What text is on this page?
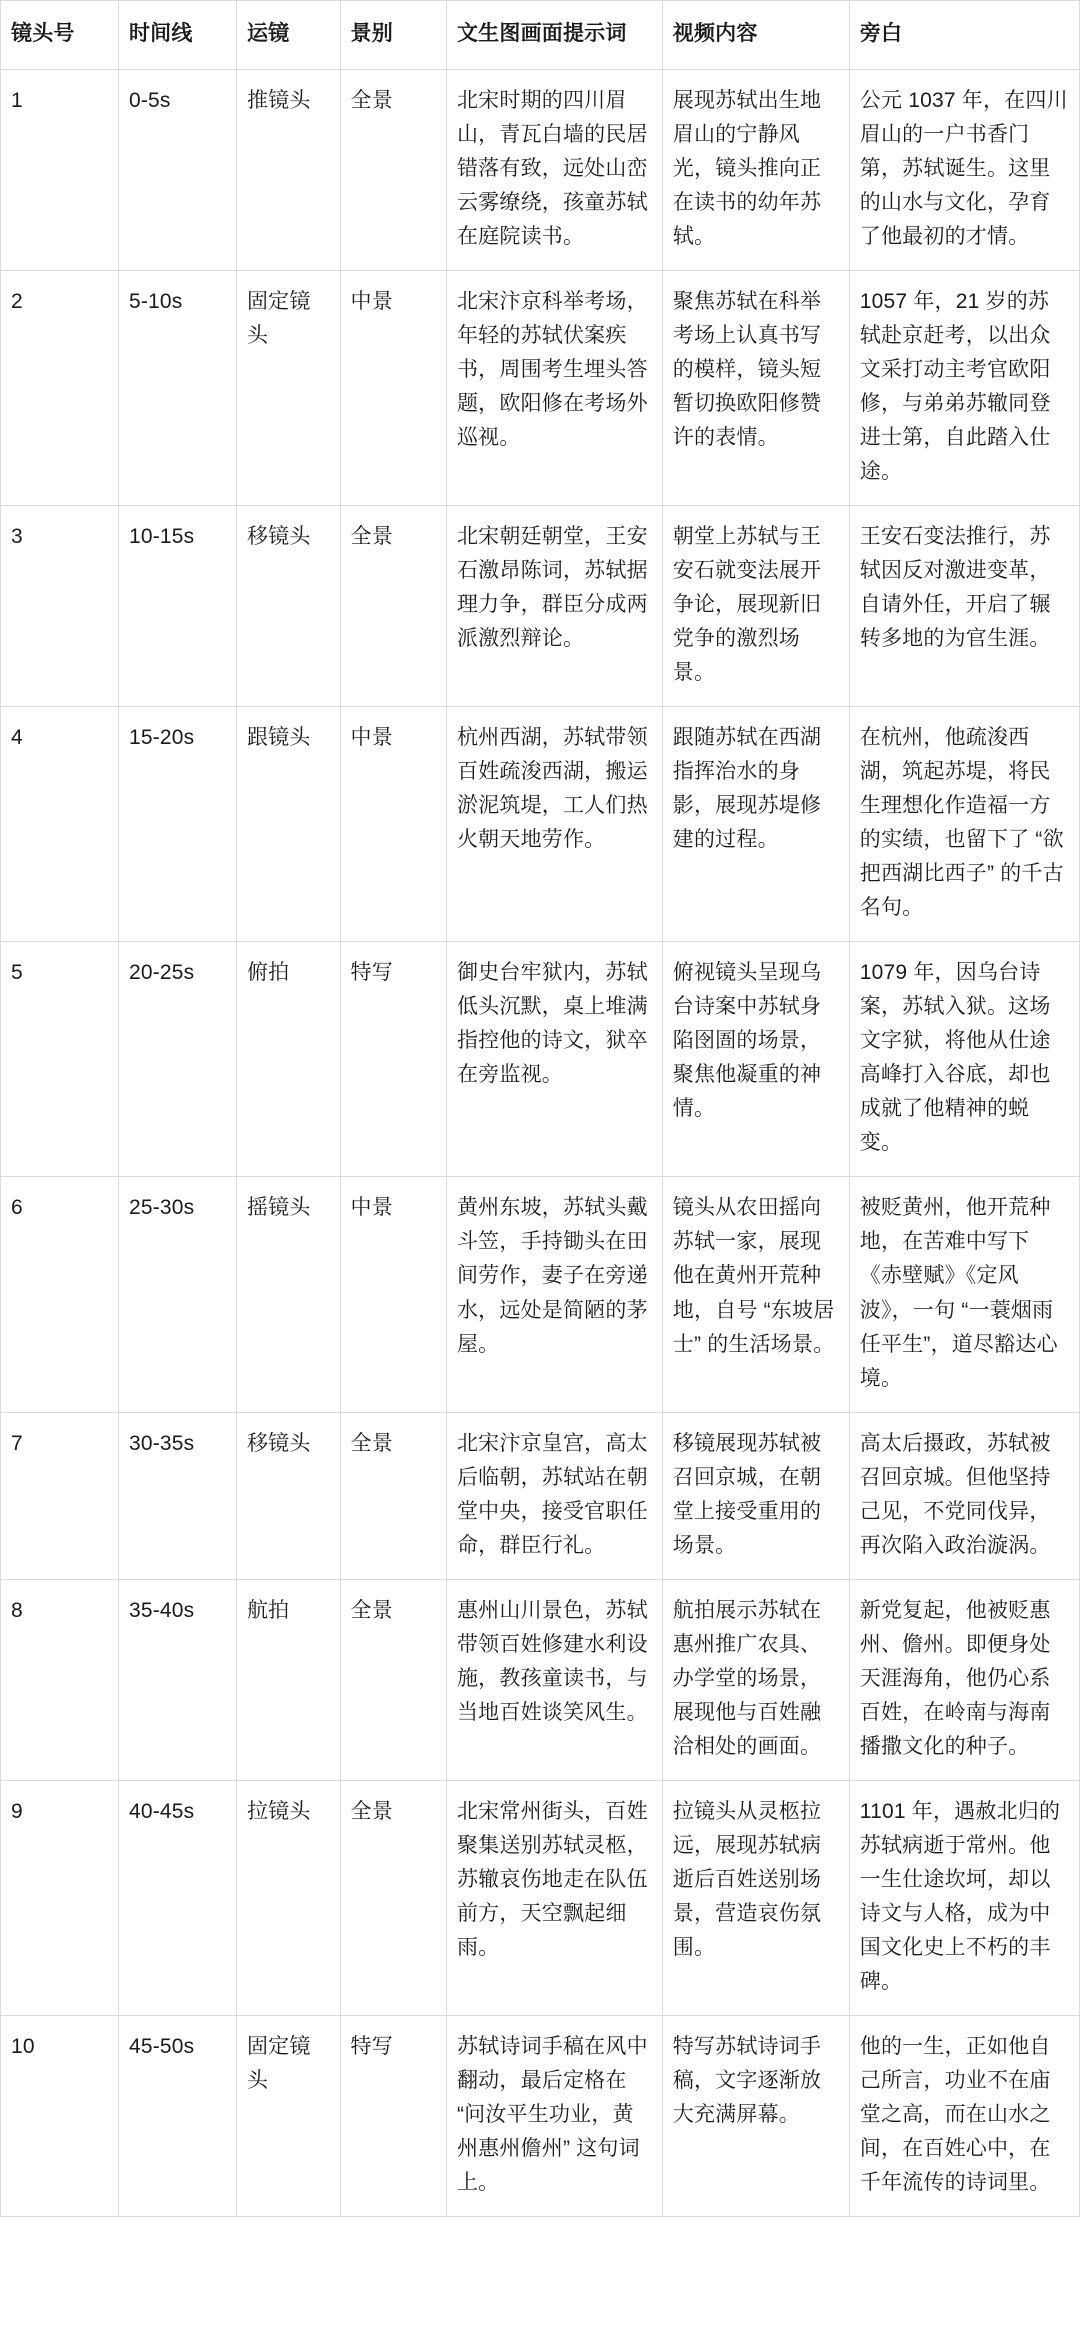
镜头号	时间线	运镜	景别	文生图画面提示词	视频内容	旁白
1	0-5s	推镜头	全景	北宋时期的四川眉山，青瓦白墙的民居错落有致，远处山峦云雾缭绕，孩童苏轼在庭院读书。	展现苏轼出生地眉山的宁静风光，镜头推向正在读书的幼年苏轼。	公元 1037 年，在四川眉山的一户书香门第，苏轼诞生。这里的山水与文化，孕育了他最初的才情。
2	5-10s	固定镜头	中景	北宋汴京科举考场，年轻的苏轼伏案疾书，周围考生埋头答题，欧阳修在考场外巡视。	聚焦苏轼在科举考场上认真书写的模样，镜头短暂切换欧阳修赞许的表情。	1057 年，21 岁的苏轼赴京赶考，以出众文采打动主考官欧阳修，与弟弟苏辙同登进士第，自此踏入仕途。
3	10-15s	移镜头	全景	北宋朝廷朝堂，王安石激昂陈词，苏轼据理力争，群臣分成两派激烈辩论。	朝堂上苏轼与王安石就变法展开争论，展现新旧党争的激烈场景。	王安石变法推行，苏轼因反对激进变革，自请外任，开启了辗转多地的为官生涯。
4	15-20s	跟镜头	中景	杭州西湖，苏轼带领百姓疏浚西湖，搬运淤泥筑堤，工人们热火朝天地劳作。	跟随苏轼在西湖指挥治水的身影，展现苏堤修建的过程。	在杭州，他疏浚西湖，筑起苏堤，将民生理想化作造福一方的实绩，也留下了 “欲把西湖比西子” 的千古名句。
5	20-25s	俯拍	特写	御史台牢狱内，苏轼低头沉默，桌上堆满指控他的诗文，狱卒在旁监视。	俯视镜头呈现乌台诗案中苏轼身陷囹圄的场景，聚焦他凝重的神情。	1079 年，因乌台诗案，苏轼入狱。这场文字狱，将他从仕途高峰打入谷底，却也成就了他精神的蜕变。
6	25-30s	摇镜头	中景	黄州东坡，苏轼头戴斗笠，手持锄头在田间劳作，妻子在旁递水，远处是简陋的茅屋。	镜头从农田摇向苏轼一家，展现他在黄州开荒种地，自号 “东坡居士” 的生活场景。	被贬黄州，他开荒种地，在苦难中写下《赤壁赋》《定风波》，一句 “一蓑烟雨任平生”，道尽豁达心境。
7	30-35s	移镜头	全景	北宋汴京皇宫，高太后临朝，苏轼站在朝堂中央，接受官职任命，群臣行礼。	移镜展现苏轼被召回京城，在朝堂上接受重用的场景。	高太后摄政，苏轼被召回京城。但他坚持己见，不党同伐异，再次陷入政治漩涡。
8	35-40s	航拍	全景	惠州山川景色，苏轼带领百姓修建水利设施，教孩童读书，与当地百姓谈笑风生。	航拍展示苏轼在惠州推广农具、办学堂的场景，展现他与百姓融洽相处的画面。	新党复起，他被贬惠州、儋州。即便身处天涯海角，他仍心系百姓，在岭南与海南播撒文化的种子。
9	40-45s	拉镜头	全景	北宋常州街头，百姓聚集送别苏轼灵柩，苏辙哀伤地走在队伍前方，天空飘起细雨。	拉镜头从灵柩拉远，展现苏轼病逝后百姓送别场景，营造哀伤氛围。	1101 年，遇赦北归的苏轼病逝于常州。他一生仕途坎坷，却以诗文与人格，成为中国文化史上不朽的丰碑。
10	45-50s	固定镜头	特写	苏轼诗词手稿在风中翻动，最后定格在 “问汝平生功业，黄州惠州儋州” 这句词上。	特写苏轼诗词手稿，文字逐渐放大充满屏幕。	他的一生，正如他自己所言，功业不在庙堂之高，而在山水之间，在百姓心中，在千年流传的诗词里。
